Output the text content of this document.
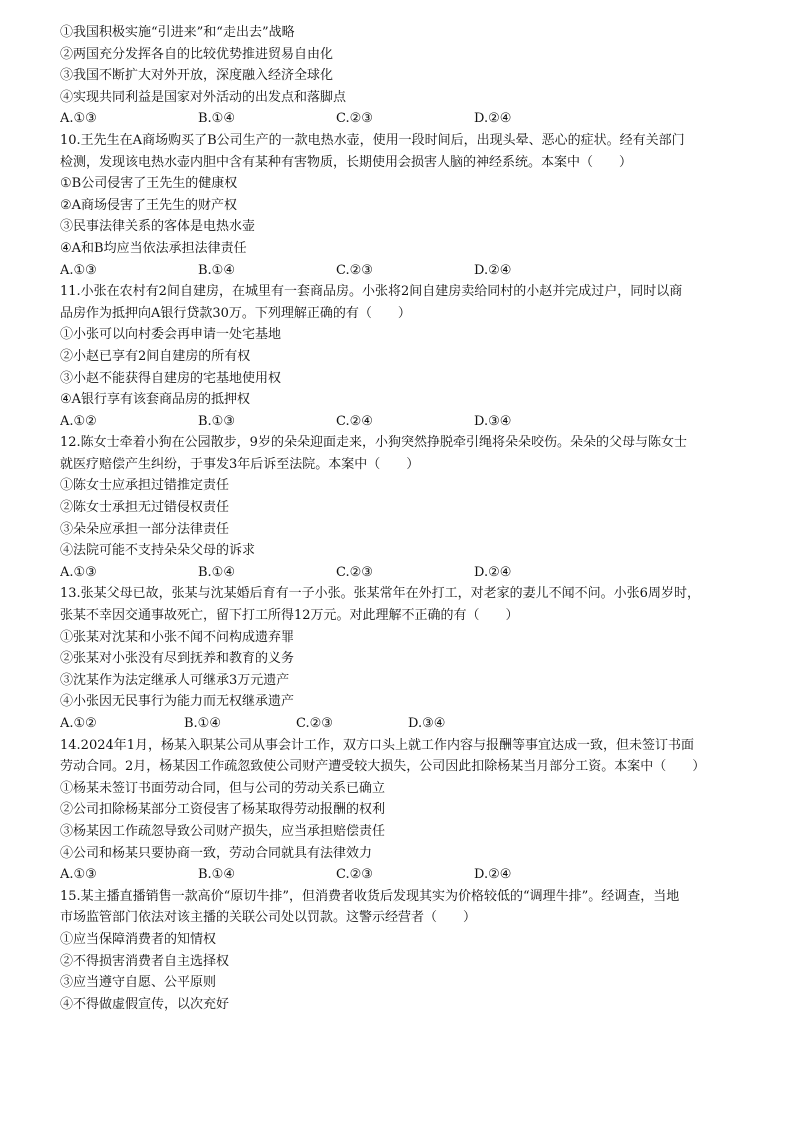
①我国积极实施“引进来”和“走出去”战略
②两国充分发挥各自的比较优势推进贸易自由化
③我国不断扩大对外开放，深度融入经济全球化
④实现共同利益是国家对外活动的出发点和落脚点
A.①③	B.①④	C.②③	D.②④
10.王先生在A商场购买了B公司生产的一款电热水壶，使用一段时间后，出现头晕、恶心的症状。经有关部门
检测，发现该电热水壶内胆中含有某种有害物质，长期使用会损害人脑的神经系统。本案中（　　）
①B公司侵害了王先生的健康权
②A商场侵害了王先生的财产权
③民事法律关系的客体是电热水壶
④A和B均应当依法承担法律责任
A.①③	B.①④	C.②③	D.②④
11.小张在农村有2间自建房，在城里有一套商品房。小张将2间自建房卖给同村的小赵并完成过户，同时以商
品房作为抵押向A银行贷款30万。下列理解正确的有（　　）
①小张可以向村委会再申请一处宅基地
②小赵已享有2间自建房的所有权
③小赵不能获得自建房的宅基地使用权
④A银行享有该套商品房的抵押权
A.①②	B.①③	C.②④	D.③④
12.陈女士牵着小狗在公园散步，9岁的朵朵迎面走来，小狗突然挣脱牵引绳将朵朵咬伤。朵朵的父母与陈女士
就医疗赔偿产生纠纷，于事发3年后诉至法院。本案中（　　）
①陈女士应承担过错推定责任
②陈女士承担无过错侵权责任
③朵朵应承担一部分法律责任
④法院可能不支持朵朵父母的诉求
A.①③	B.①④	C.②③	D.②④
13.张某父母已故，张某与沈某婚后育有一子小张。张某常年在外打工，对老家的妻儿不闻不问。小张6周岁时，
张某不幸因交通事故死亡，留下打工所得12万元。对此理解不正确的有（　　）
①张某对沈某和小张不闻不问构成遗弃罪
②张某对小张没有尽到抚养和教育的义务
③沈某作为法定继承人可继承3万元遗产
④小张因无民事行为能力而无权继承遗产
A.①②	B.①④	C.②③	D.③④
14.2024年1月，杨某入职某公司从事会计工作，双方口头上就工作内容与报酬等事宜达成一致，但未签订书面
劳动合同。2月，杨某因工作疏忽致使公司财产遭受较大损失，公司因此扣除杨某当月部分工资。本案中（　　）
①杨某未签订书面劳动合同，但与公司的劳动关系已确立
②公司扣除杨某部分工资侵害了杨某取得劳动报酬的权利
③杨某因工作疏忽导致公司财产损失，应当承担赔偿责任
④公司和杨某只要协商一致，劳动合同就具有法律效力
A.①③	B.①④	C.②③	D.②④
15.某主播直播销售一款高价“原切牛排”，但消费者收货后发现其实为价格较低的“调理牛排”。经调查，当地
市场监管部门依法对该主播的关联公司处以罚款。这警示经营者（　　）
①应当保障消费者的知情权
②不得损害消费者自主选择权
③应当遵守自愿、公平原则
④不得做虚假宣传，以次充好
